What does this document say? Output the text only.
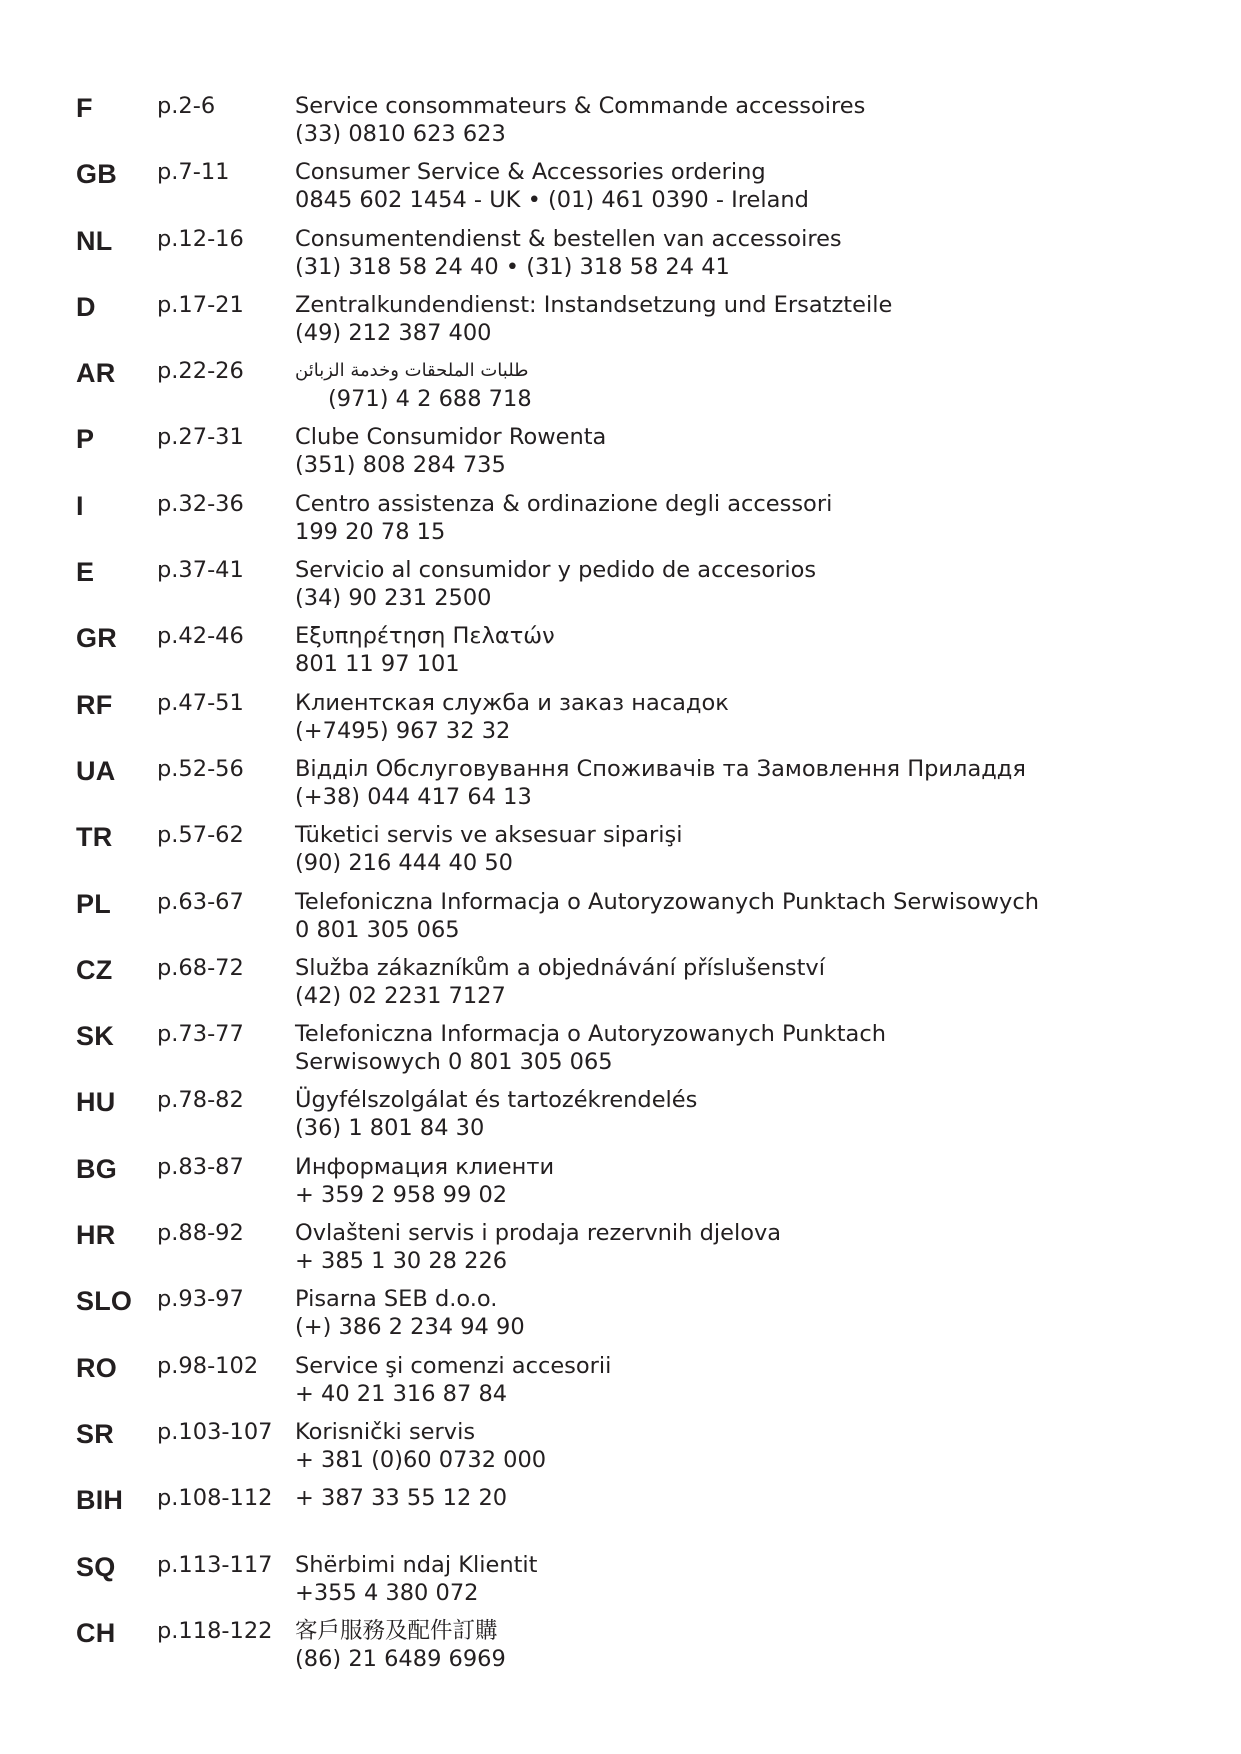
F	p.2-6	Service consommateurs & Commande accessoires
(33) 0810 623 623
GB p.7-11	Consumer Service & Accessories ordering
0845 602 1454 - UK • (01) 461 0390 - Ireland
NL p.12-16 Consumentendienst & bestellen van accessoires
(31) 318 58 24 40 • (31) 318 58 24 41
D	p.17-21 Zentralkundendienst: Instandsetzung und Ersatzteile
(49) 212 387 400
AR p.22-26	طلبات الملحقات وخدمة الزبائن
(971) 4 2 688 718
P	p.27-31 Clube Consumidor Rowenta
(351) 808 284 735
I	p.32-36 Centro assistenza & ordinazione degli accessori
199 20 78 15
E	p.37-41 Servicio al consumidor y pedido de accesorios
(34) 90 231 2500
GR p.42-46 Εξυπηρέτηση Πελατών
801 11 97 101
RF p.47-51 Клиентская служба и заказ насадок
(+7495) 967 32 32
UA p.52-56 Відділ Обслуговування Споживачів та Замовлення Приладдя
(+38) 044 417 64 13
TR p.57-62 Tüketici servis ve aksesuar siparişi
(90) 216 444 40 50
PL p.63-67 Telefoniczna Informacja o Autoryzowanych Punktach Serwisowych
0 801 305 065
CZ p.68-72 Služba zákazníkům a objednávání příslušenství
(42) 02 2231 7127
SK p.73-77 Telefoniczna Informacja o Autoryzowanych Punktach
Serwisowych 0 801 305 065
HU p.78-82 Ügyfélszolgálat és tartozékrendelés
(36) 1 801 84 30
BG p.83-87 Информация клиенти
+ 359 2 958 99 02
HR p.88-92 Ovlašteni servis i prodaja rezervnih djelova
+ 385 1 30 28 226
SLO p.93-97 Pisarna SEB d.o.o.
(+) 386 2 234 94 90
RO p.98-102 Service şi comenzi accesorii
+ 40 21 316 87 84
SR p.103-107 Korisnički servis
+ 381 (0)60 0732 000
BIH p.108-112 + 387 33 55 12 20
SQ p.113-117 Shërbimi ndaj Klientit
+355 4 380 072
CH p.118-122 客戶服務及配件訂購
(86) 21 6489 6969
